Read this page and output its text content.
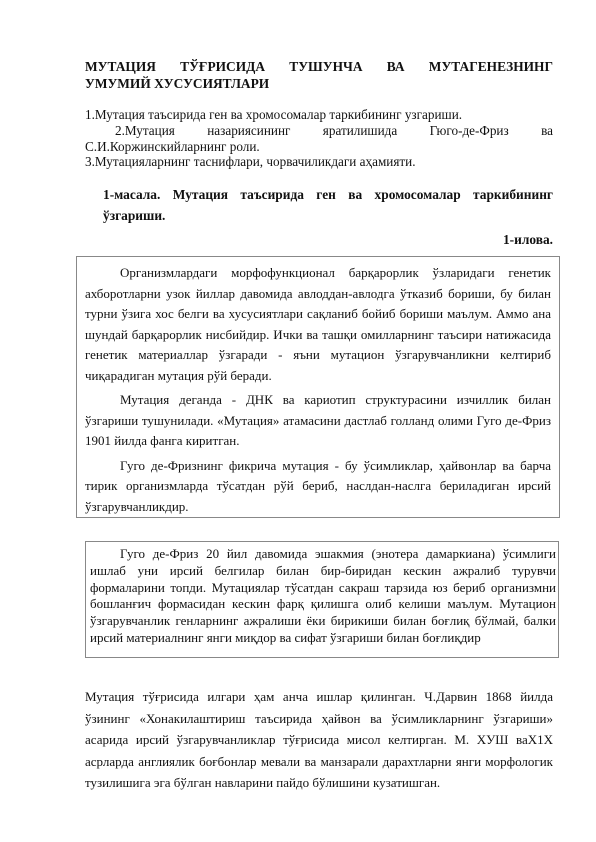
МУТАЦИЯ ТЎҒРИСИДА ТУШУНЧА ВА МУТАГЕНЕЗНИНГ
УМУМИЙ ХУСУСИЯТЛАРИ
1.Мутация таъсирида ген ва хромосомалар таркибининг узгариши.
2.Мутация назариясининг яратилишида Гюго-де-Фриз ва
С.И.Коржинскийларнинг роли.
3.Мутацияларнинг таснифлари, чорвачиликдаги аҳамияти.

1-масала. Мутация таъсирида ген ва хромосомалар таркибининг ўзгариши.

1-илова.

Организмлардаги морфофункционал барқарорлик ўзларидаги генетик ахборотларни узок йиллар давомида авлоддан-авлодга ўтказиб бориши, бу билан турни ўзига хос белги ва хусусиятлари сақланиб бойиб бориши маълум. Аммо ана шундай барқарорлик нисбийдир. Ички ва ташқи омилларнинг таъсири натижасида генетик материаллар ўзгаради - яъни мутацион ўзгарувчанликни келтириб чиқарадиган мутация рўй беради.

Мутация деганда - ДНК ва кариотип структурасини изчиллик билан ўзгариши тушунилади. «Мутация» атамасини дастлаб голланд олими Гуго де-Фриз 1901 йилда фанга киритган.

Гуго де-Фризнинг фикрича мутация - бу ўсимликлар, ҳайвонлар ва барча тирик организмларда тўсатдан рўй бериб, наслдан-наслга бериладиган ирсий ўзгарувчанликдир.

Гуго де-Фриз 20 йил давомида эшакмия (энотера дамаркиана) ўсимлиги ишлаб уни ирсий белгилар билан бир-биридан кескин ажралиб турувчи формаларини топди. Мутациялар тўсатдан сакраш тарзида юз бериб организмни бошланғич формасидан кескин фарқ қилишга олиб келиши маълум. Мутацион ўзгарувчанлик генларнинг ажралиши ёки бирикиши билан боғлиқ бўлмай, балки ирсий материалнинг янги миқдор ва сифат ўзгариши билан боғлиқдир

Мутация тўғрисида илгари ҳам анча ишлар қилинган. Ч.Дарвин 1868 йилда ўзининг «Хонакилаштириш таъсирида ҳайвон ва ўсимликларнинг ўзгариши» асарида ирсий ўзгарувчанликлар тўғрисида мисол келтирган. М. ХУШ ваХ1Х асрларда англиялик боғбонлар мевали ва манзарали дарахтларни янги морфологик тузилишига эга бўлган навларини пайдо бўлишини кузатишган.
